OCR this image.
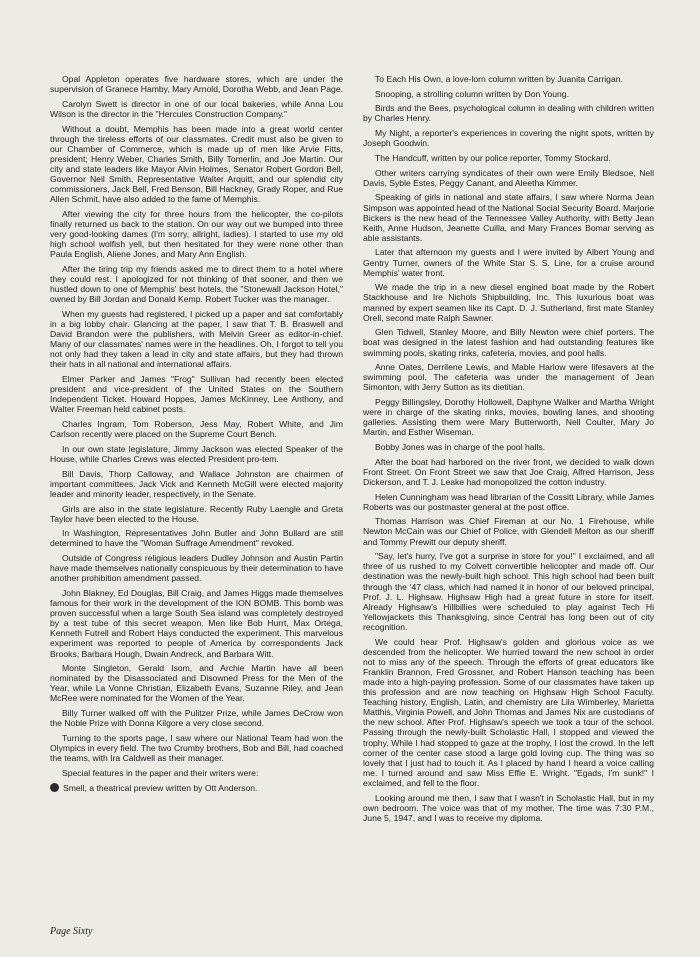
Opal Appleton operates five hardware stores, which are under the supervision of Granece Hamby, Mary Arnold, Dorotha Webb, and Jean Page.

Carolyn Swett is director in one of our local bakeries, while Anna Lou Wilson is the director in the "Hercules Construction Company."

Without a doubt, Memphis has been made into a great world center through the tireless efforts of our classmates. Credit must also be given to our Chamber of Commerce, which is made up of men like Arvie Fitts, president; Henry Weber, Charles Smith, Billy Tomerlin, and Joe Martin. Our city and state leaders like Mayor Alvin Holmes, Senator Robert Gordon Bell, Governor Neil Smith, Representative Walter Arquitt, and our splendid city commissioners, Jack Bell, Fred Benson, Bill Hackney, Grady Roper, and Rue Allen Schmit, have also added to the fame of Memphis.

After viewing the city for three hours from the helicopter, the co-pilots finally returned us back to the station. On our way out we bumped into three very good-looking dames (I'm sorry, allright, ladies). I started to use my old high school wolfish yell, but then hesitated for they were none other than Paula English, Aliene Jones, and Mary Ann English.

After the tiring trip my friends asked me to direct them to a hotel where they could rest. I apologized for not thinking of that sooner, and then we hustled down to one of Memphis' best hotels, the "Stonewall Jackson Hotel," owned by Bill Jordan and Donald Kemp. Robert Tucker was the manager.

When my guests had registered, I picked up a paper and sat comfortably in a big lobby chair. Glancing at the paper, I saw that T. B. Braswell and David Brandon were the publishers, with Melvin Greer as editor-in-chief. Many of our classmates' names were in the headlines. Oh, I forgot to tell you not only had they taken a lead in city and state affairs, but they had thrown their hats in all national and international affairs.

Elmer Parker and James "Frog" Sullivan had recently been elected president and vice-president of the United States on the Southern Independent Ticket. Howard Hoppes, James McKinney, Lee Anthony, and Walter Freeman held cabinet posts.

Charles Ingram, Tom Roberson, Jess May, Robert White, and Jim Carlson recently were placed on the Supreme Court Bench.

In our own state legislature, Jimmy Jackson was elected Speaker of the House, while Charles Crews was elected President pro-tem.

Bill Davis, Thorp Calloway, and Wallace Johnston are chairmen of important committees. Jack Vick and Kenneth McGill were elected majority leader and minority leader, respectively, in the Senate.

Girls are also in the state legislature. Recently Ruby Laengle and Greta Taylor have been elected to the House.

In Washington, Representatives John Butler and John Bullard are still determined to have the "Woman Suffrage Amendment" revoked.

Outside of Congress religious leaders Dudley Johnson and Austin Partin have made themselves nationally conspicuous by their determination to have another prohibition amendment passed.

John Blakney, Ed Douglas, Bill Craig, and James Higgs made themselves famous for their work in the development of the ION BOMB. This bomb was proven successful when a large South Sea island was completely destroyed by a test tube of this secret weapon. Men like Bob Hurrt, Max Ortega, Kenneth Futrell and Robert Hays conducted the experiment. This marvelous experiment was reported to people of America by correspondents Jack Brooks, Barbara Hough, Dwain Andreck, and Barbara Witt.

Monte Singleton, Gerald Isom, and Archie Martin have all been nominated by the Disassociated and Disowned Press for the Men of the Year, while La Vonne Christian, Elizabeth Evans, Suzanne Riley, and Jean McRee were nominated for the Women of the Year.

Billy Turner walked off with the Pulitzer Prize, while James DeCrow won the Noble Prize with Donna Kilgore a very close second.

Turning to the sports page, I saw where our National Team had won the Olympics in every field. The two Crumby brothers, Bob and Bill, had coached the teams, with Ira Caldwell as their manager.

Special features in the paper and their writers were:

Smell, a theatrical preview written by Ott Anderson.

To Each His Own, a love-lorn column written by Juanita Carrigan.

Snooping, a strolling column written by Don Young.

Birds and the Bees, psychological column in dealing with children written by Charles Henry.

My Night, a reporter's experiences in covering the night spots, written by Joseph Goodwin.

The Handcuff, written by our police reporter, Tommy Stockard.

Other writers carrying syndicates of their own were Emily Bledsoe, Nell Davis, Syble Estes, Peggy Canant, and Aleetha Kimmer.

Speaking of girls in national and state affairs, I saw where Norma Jean Simpson was appointed head of the National Social Security Board. Marjorie Bickers is the new head of the Tennessee Valley Authority, with Betty Jean Keith, Anne Hudson, Jeanette Cuilla, and Mary Frances Bomar serving as able assistants.

Later that afternoon my guests and I were invited by Albert Young and Gentry Turner, owners of the White Star S. S. Line, for a cruise around Memphis' water front.

We made the trip in a new diesel engined boat made by the Robert Stackhouse and Ire Nichols Shipbuilding, Inc. This luxurious boat was manned by expert seamen like its Capt. D. J. Sutherland, first mate Stanley Orell, second mate Ralph Sawner.

Glen Tidwell, Stanley Moore, and Billy Newton were chief porters. The boat was designed in the latest fashion and had outstanding features like swimming pools, skating rinks, cafeteria, movies, and pool halls.

Anne Oates, Derrilene Lewis, and Mable Harlow were lifesavers at the swimming pool. The cafeteria was under the management of Jean Simonton, with Jerry Sutton as its dietitian.

Peggy Billingsley, Dorothy Hollowell, Daphyne Walker and Martha Wright were in charge of the skating rinks, movies, bowling lanes, and shooting galleries. Assisting them were Mary Butterworth, Nell Coulter, Mary Jo Martin, and Esther Wiseman.

Bobby Jones was in charge of the pool halls.

After the boat had harbored on the river front, we decided to walk down Front Street. On Front Street we saw that Joe Craig, Alfred Harrison, Jess Dickerson, and T. J. Leake had monopolized the cotton industry.

Helen Cunningham was head librarian of the Cossitt Library, while James Roberts was our postmaster general at the post office.

Thomas Harrison was Chief Fireman at our No. 1 Firehouse, while Newton McCain was our Chief of Police, with Glendell Melton as our sheriff and Tommy Prewitt our deputy sheriff.

"Say, let's hurry, I've got a surprise in store for you!" I exclaimed, and all three of us rushed to my Colvett convertible helicopter and made off. Our destination was the newly-built high school. This high school had been built through the '47 class, which had named it in honor of our beloved principal, Prof. J. L. Highsaw. Highsaw High had a great future in store for itself. Already Highsaw's Hillbillies were scheduled to play against Tech Hi Yellowjackets this Thanksgiving, since Central has long been out of city recognition.

We could hear Prof. Highsaw's golden and glorious voice as we descended from the helicopter. We hurried toward the new school in order not to miss any of the speech. Through the efforts of great educators like Franklin Brannon, Fred Grossner, and Robert Hanson teaching has been made into a high-paying profession. Some of our classmates have taken up this profession and are now teaching on Highsaw High School Faculty. Teaching history, English, Latin, and chemistry are Lila Wimberley, Marietta Matthis, Virginia Powell, and John Thomas and James Nix are custodians of the new school. After Prof. Highsaw's speech we took a tour of the school. Passing through the newly-built Scholastic Hall, I stopped and viewed the trophy. While I had stopped to gaze at the trophy, I lost the crowd. In the left corner of the center case stood a large gold loving cup. The thing was so lovely that I just had to touch it. As I placed by hand I heard a voice calling me. I turned around and saw Miss Effie E. Wright. "Egads, I'm sunk!" I exclaimed, and fell to the floor.

Looking around me then, I saw that I wasn't in Scholastic Hall, but in my own bedroom. The voice was that of my mother. The time was 7:30 P.M., June 5, 1947, and I was to receive my diploma.

Page Sixty
